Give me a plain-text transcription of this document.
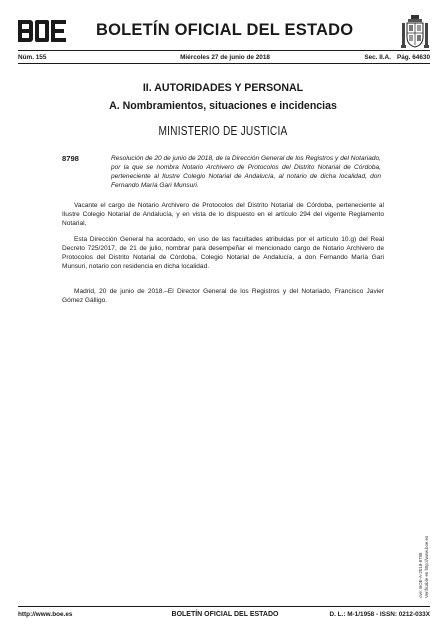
BOLETÍN OFICIAL DEL ESTADO
Núm. 155	Miércoles 27 de junio de 2018	Sec. II.A. Pág. 64630
II. AUTORIDADES Y PERSONAL
A. Nombramientos, situaciones e incidencias
MINISTERIO DE JUSTICIA
8798	Resolución de 20 de junio de 2018, de la Dirección General de los Registros y del Notariado, por la que se nombra Notario Archivero de Protocolos del Distrito Notarial de Córdoba, perteneciente al Ilustre Colegio Notarial de Andalucía, al notario de dicha localidad, don Fernando María Gari Munsuri.
Vacante el cargo de Notario Archivero de Protocolos del Distrito Notarial de Córdoba, perteneciente al Ilustre Colegio Notarial de Andalucía, y en vista de lo dispuesto en el artículo 294 del vigente Reglamento Notarial,
Esta Dirección General ha acordado, en uso de las facultades atribuidas por el artículo 10.g) del Real Decreto 725/2017, de 21 de julio, nombrar para desempeñar el mencionado cargo de Notario Archivero de Protocolos del Distrito Notarial de Córdoba, Colegio Notarial de Andalucía, a don Fernando María Gari Munsuri, notario con residencia en dicha localidad.
Madrid, 20 de junio de 2018.–El Director General de los Registros y del Notariado, Francisco Javier Gómez Gálligo.
cve: BOE-A-2018-8798 Verificable en http://www.boe.es
http://www.boe.es	BOLETÍN OFICIAL DEL ESTADO	D. L.: M-1/1958 - ISSN: 0212-033X
